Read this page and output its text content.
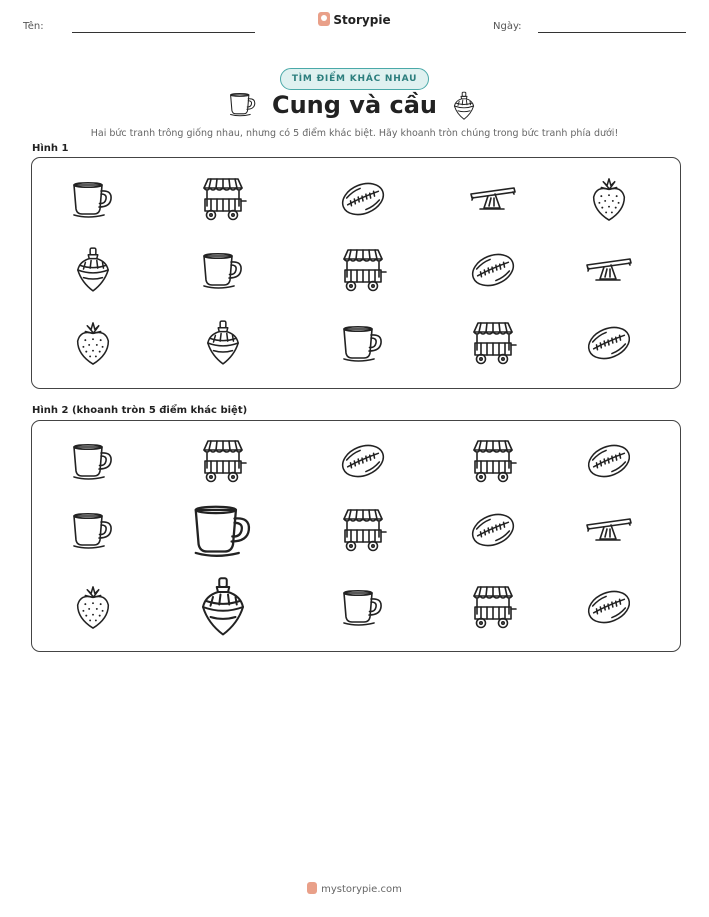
Tên:	Storypie	Ngày:
TÌM ĐIỂM KHÁC NHAU
Cung và cầu
Hai bức tranh trông giống nhau, nhưng có 5 điểm khác biệt. Hãy khoanh tròn chúng trong bức tranh phía dưới!
Hình 1
Hình 2 (khoanh tròn 5 điểm khác biệt)
mystorypie.com
